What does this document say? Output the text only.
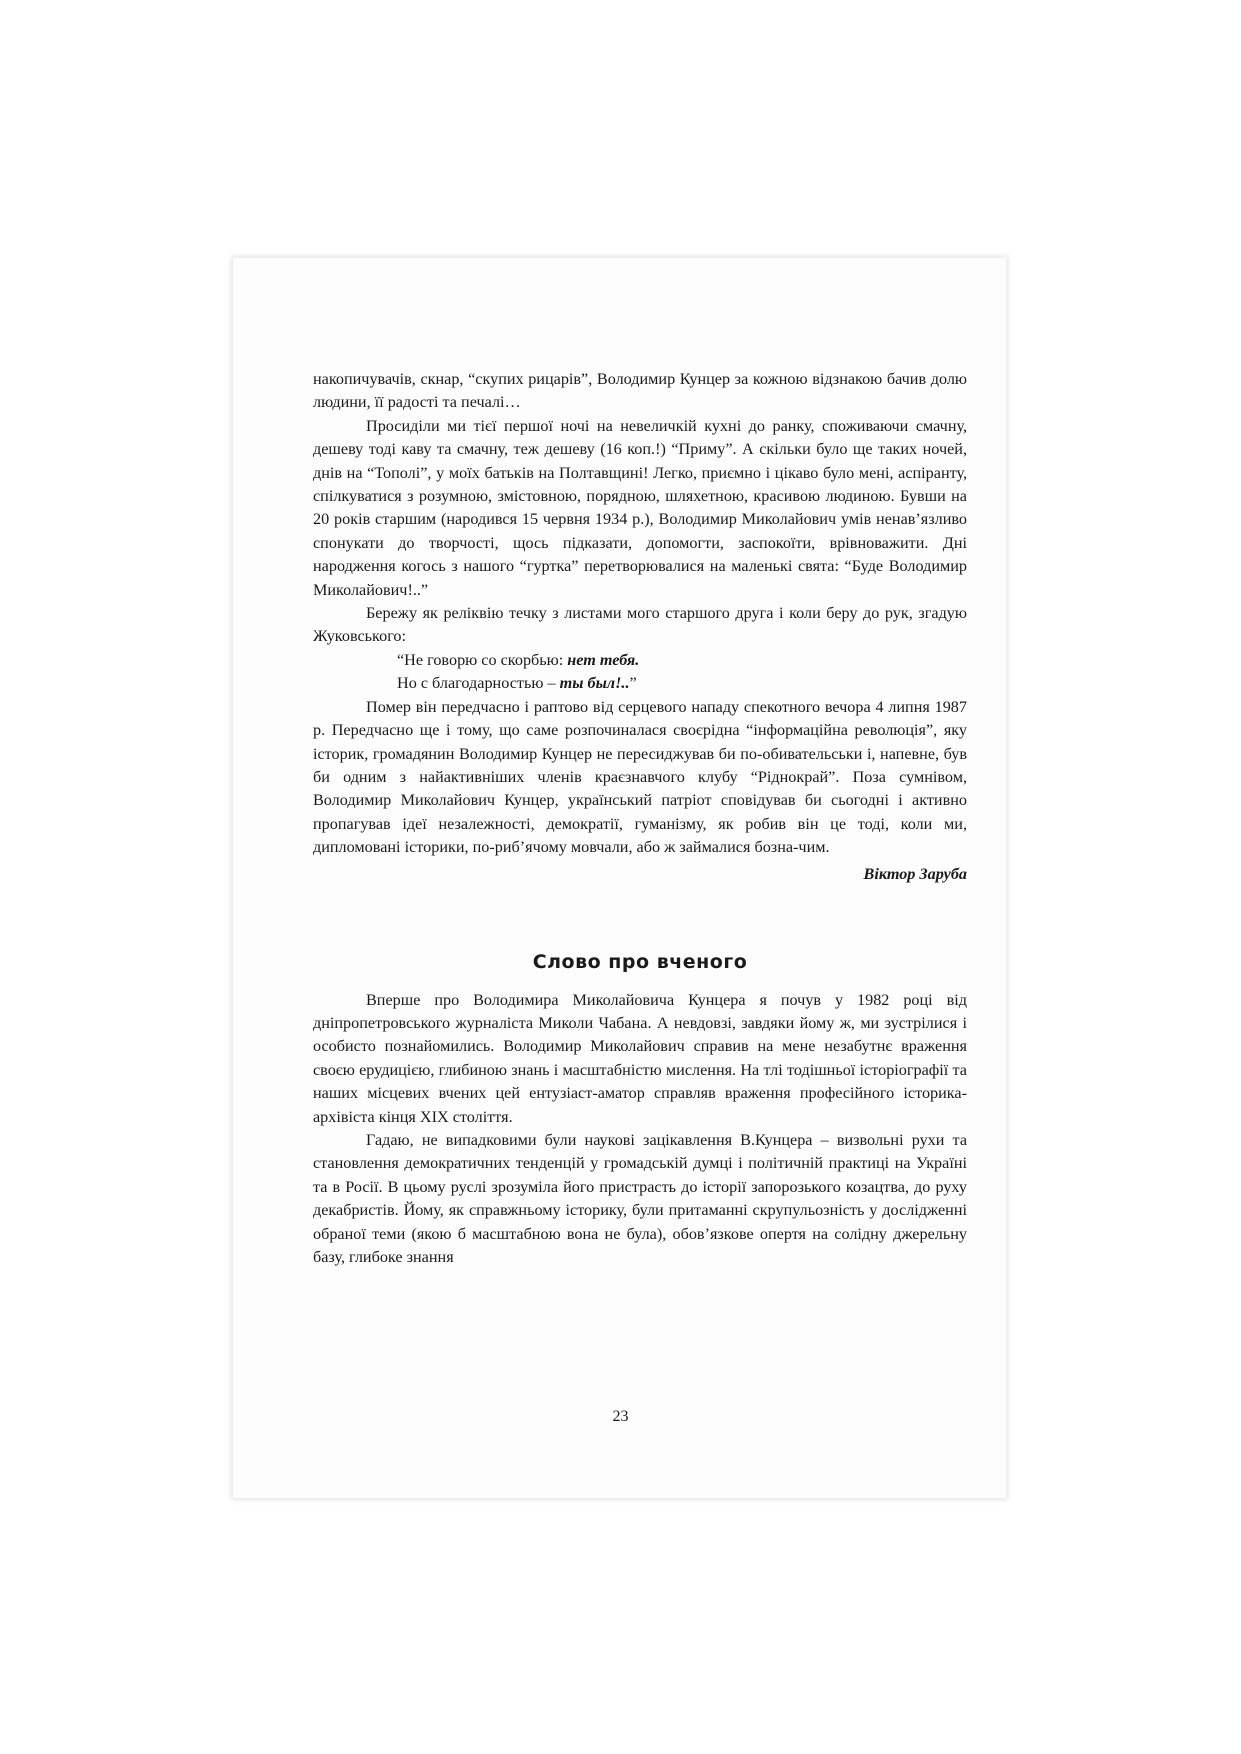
накопичувачів, скнар, “скупих рицарів”, Володимир Кунцер за кожною відзнакою бачив долю людини, її радості та печалі…

Просиділи ми тієї першої ночі на невеличкій кухні до ранку, споживаючи смачну, дешеву тоді каву та смачну, теж дешеву (16 коп.!) “Приму”. А скільки було ще таких ночей, днів на “Тополі”, у моїх батьків на Полтавщині! Легко, приємно і цікаво було мені, аспіранту, спілкуватися з розумною, змістовною, порядною, шляхетною, красивою людиною. Бувши на 20 років старшим (народився 15 червня 1934 р.), Володимир Миколайович умів ненав’язливо спонукати до творчості, щось підказати, допомогти, заспокоїти, врівноважити. Дні народження когось з нашого “гуртка” перетворювалися на маленькі свята: “Буде Володимир Миколайович!..”

Бережу як реліквію течку з листами мого старшого друга і коли беру до рук, згадую Жуковського:

“Не говорю со скорбью: нет тебя.
Но с благодарностью – ты был!..”

Помер він передчасно і раптово від серцевого нападу спекотного вечора 4 липня 1987 р. Передчасно ще і тому, що саме розпочиналася своєрідна “інформаційна революція”, яку історик, громадянин Володимир Кунцер не пересиджував би по-обивательськи і, напевне, був би одним з найактивніших членів краєзнавчого клубу “Ріднокрай”. Поза сумнівом, Володимир Миколайович Кунцер, український патріот сповідував би сьогодні і активно пропагував ідеї незалежності, демократії, гуманізму, як робив він це тоді, коли ми, дипломовані історики, по-риб’ячому мовчали, або ж займалися бозна-чим.

Віктор Заруба
Слово про вченого

Вперше про Володимира Миколайовича Кунцера я почув у 1982 році від дніпропетровського журналіста Миколи Чабана. А невдовзі, завдяки йому ж, ми зустрілися і особисто познайомились. Володимир Миколайович справив на мене незабутнє враження своєю ерудицією, глибиною знань і масштабністю мислення. На тлі тодішньої історіографії та наших місцевих вчених цей ентузіаст-аматор справляв враження професійного історика-архівіста кінця XIX століття.

Гадаю, не випадковими були наукові зацікавлення В.Кунцера – визвольні рухи та становлення демократичних тенденцій у громадській думці і політичній практиці на Україні та в Росії. В цьому руслі зрозуміла його пристрасть до історії запорозького козацтва, до руху декабристів. Йому, як справжньому історику, були притаманні скрупульозність у дослідженні обраної теми (якою б масштабною вона не була), обов’язкове опертя на солідну джерельну базу, глибоке знання

23
